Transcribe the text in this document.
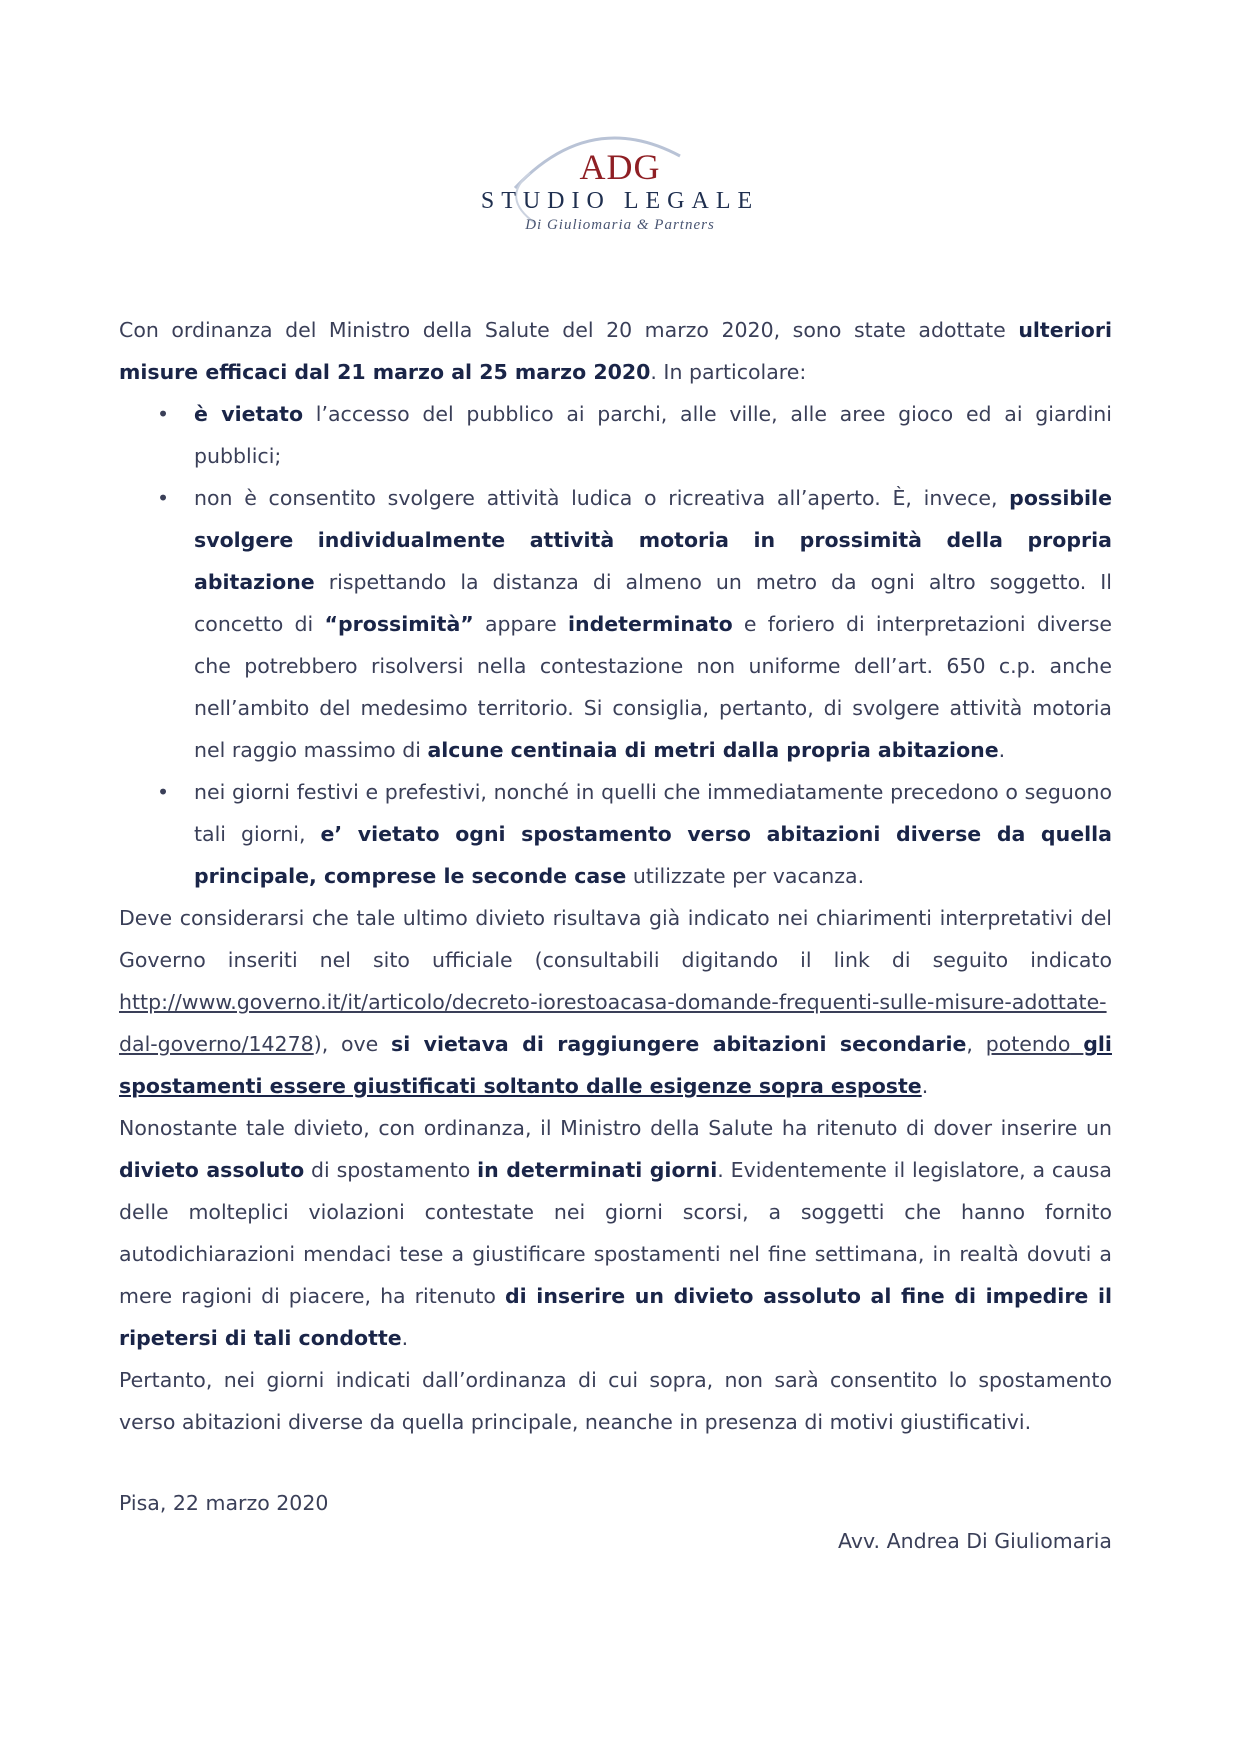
ADG
STUDIO LEGALE
Di Giuliomaria & Partners

Con ordinanza del Ministro della Salute del 20 marzo 2020, sono state adottate ulteriori misure efficaci dal 21 marzo al 25 marzo 2020. In particolare:

• è vietato l’accesso del pubblico ai parchi, alle ville, alle aree gioco ed ai giardini pubblici;
• non è consentito svolgere attività ludica o ricreativa all’aperto. È, invece, possibile svolgere individualmente attività motoria in prossimità della propria abitazione rispettando la distanza di almeno un metro da ogni altro soggetto. Il concetto di “prossimità” appare indeterminato e foriero di interpretazioni diverse che potrebbero risolversi nella contestazione non uniforme dell’art. 650 c.p. anche nell’ambito del medesimo territorio. Si consiglia, pertanto, di svolgere attività motoria nel raggio massimo di alcune centinaia di metri dalla propria abitazione.
• nei giorni festivi e prefestivi, nonché in quelli che immediatamente precedono o seguono tali giorni, e’ vietato ogni spostamento verso abitazioni diverse da quella principale, comprese le seconde case utilizzate per vacanza.

Deve considerarsi che tale ultimo divieto risultava già indicato nei chiarimenti interpretativi del Governo inseriti nel sito ufficiale (consultabili digitando il link di seguito indicato http://www.governo.it/it/articolo/decreto-iorestoacasa-domande-frequenti-sulle-misure-adottate-dal-governo/14278), ove si vietava di raggiungere abitazioni secondarie, potendo gli spostamenti essere giustificati soltanto dalle esigenze sopra esposte.

Nonostante tale divieto, con ordinanza, il Ministro della Salute ha ritenuto di dover inserire un divieto assoluto di spostamento in determinati giorni. Evidentemente il legislatore, a causa delle molteplici violazioni contestate nei giorni scorsi, a soggetti che hanno fornito autodichiarazioni mendaci tese a giustificare spostamenti nel fine settimana, in realtà dovuti a mere ragioni di piacere, ha ritenuto di inserire un divieto assoluto al fine di impedire il ripetersi di tali condotte.

Pertanto, nei giorni indicati dall’ordinanza di cui sopra, non sarà consentito lo spostamento verso abitazioni diverse da quella principale, neanche in presenza di motivi giustificativi.

Pisa, 22 marzo 2020
Avv. Andrea Di Giuliomaria
